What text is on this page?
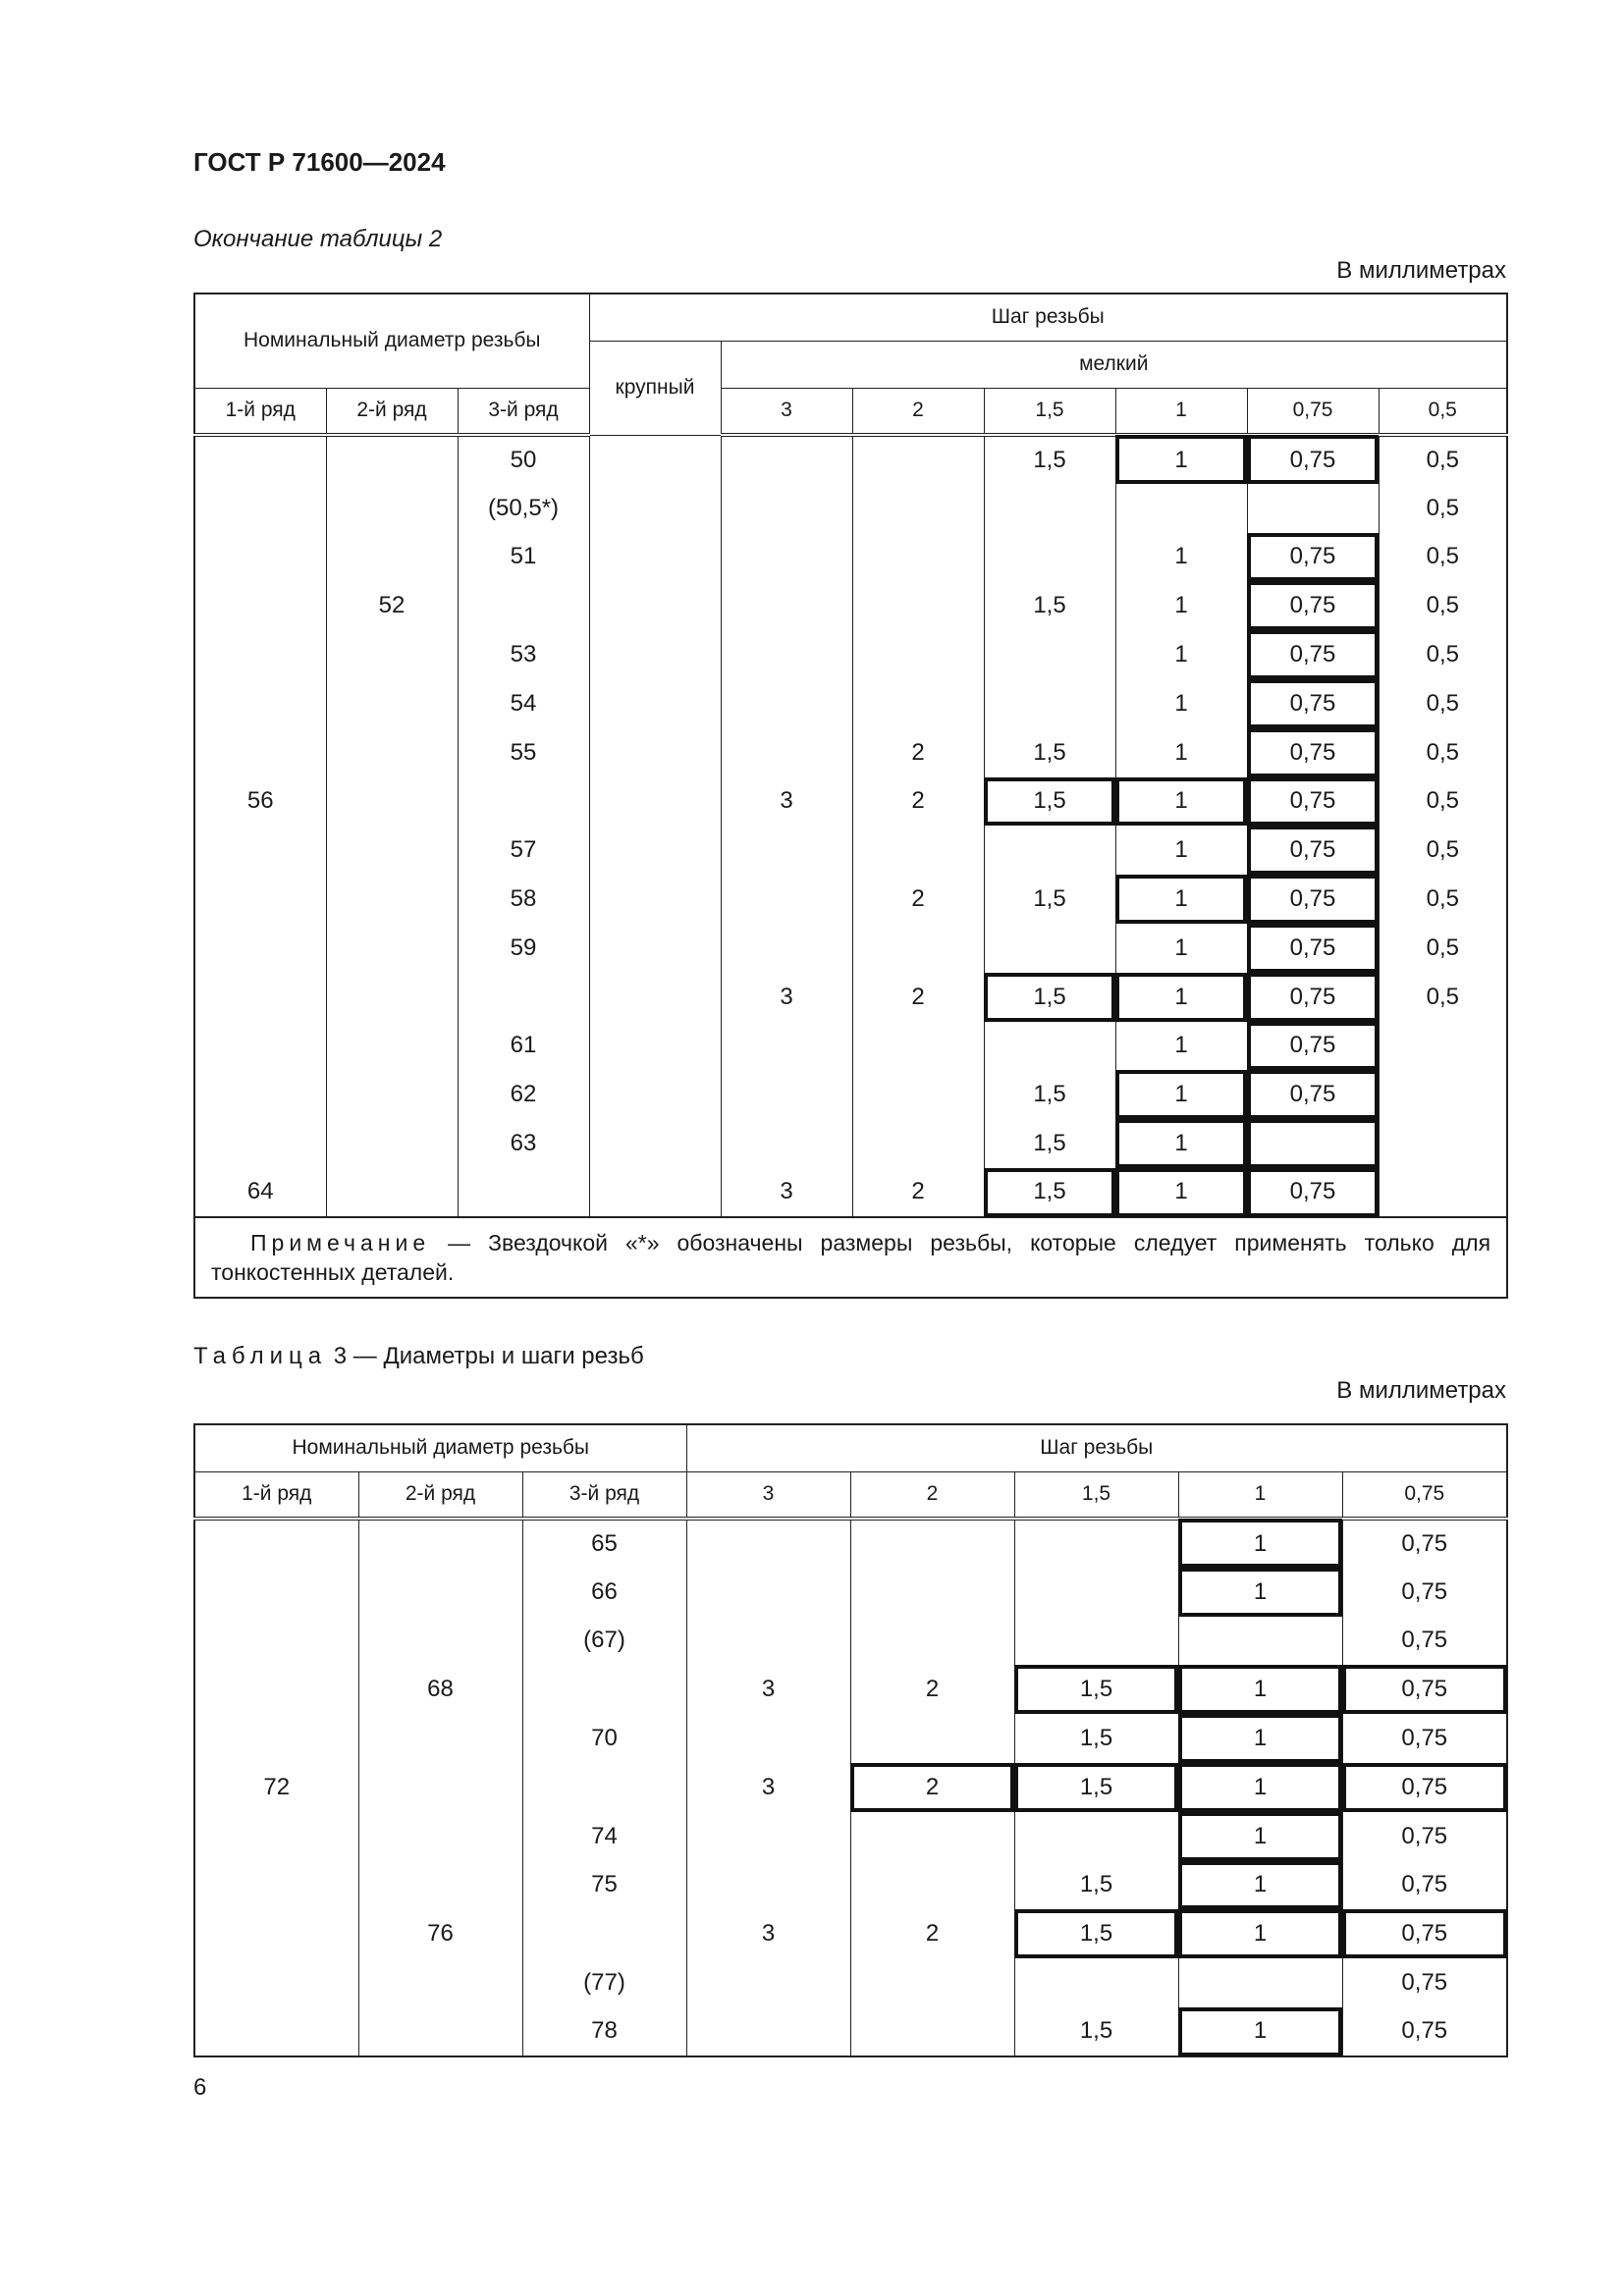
ГОСТ Р 71600—2024
Окончание таблицы 2
В миллиметрах
Номинальный диаметр резьбы			Шаг резьбы						
			крупный	мелкий					
1-й ряд	2-й ряд	3-й ряд		3	2	1,5	1	0,75	0,5
		50				1,5	1	0,75	0,5
		(50,5*)							0,5
		51					1	0,75	0,5
	52					1,5	1	0,75	0,5
		53					1	0,75	0,5
		54					1	0,75	0,5
		55			2	1,5	1	0,75	0,5
56				3	2	1,5	1	0,75	0,5
		57					1	0,75	0,5
		58			2	1,5	1	0,75	0,5
		59					1	0,75	0,5
				3	2	1,5	1	0,75	0,5
		61					1	0,75	
		62				1,5	1	0,75	
		63				1,5	1		
64				3	2	1,5	1	0,75	
Примечание — Звездочкой «*» обозначены размеры резьбы, которые следует применять только для тонкостенных деталей.									
Таблица 3 — Диаметры и шаги резьб
В миллиметрах
Номинальный диаметр резьбы			Шаг резьбы				
1-й ряд	2-й ряд	3-й ряд	3	2	1,5	1	0,75
		65				1	0,75
		66				1	0,75
		(67)					0,75
	68		3	2	1,5	1	0,75
		70			1,5	1	0,75
72			3	2	1,5	1	0,75
		74				1	0,75
		75			1,5	1	0,75
	76		3	2	1,5	1	0,75
		(77)					0,75
		78			1,5	1	0,75
6
